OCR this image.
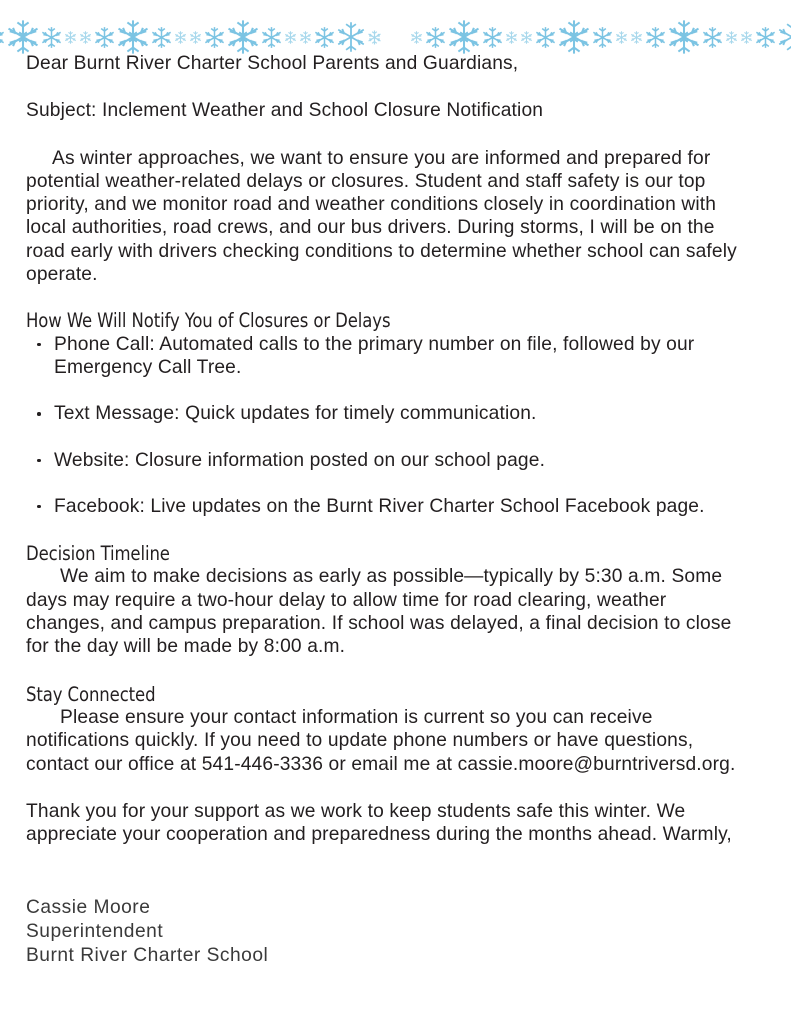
Dear Burnt River Charter School Parents and Guardians,

Subject: Inclement Weather and School Closure Notification

As winter approaches, we want to ensure you are informed and prepared for potential weather-related delays or closures. Student and staff safety is our top priority, and we monitor road and weather conditions closely in coordination with local authorities, road crews, and our bus drivers. During storms, I will be on the road early with drivers checking conditions to determine whether school can safely operate.

How We Will Notify You of Closures or Delays
Phone Call: Automated calls to the primary number on file, followed by our Emergency Call Tree.
Text Message: Quick updates for timely communication.
Website: Closure information posted on our school page.
Facebook: Live updates on the Burnt River Charter School Facebook page.
Decision Timeline

We aim to make decisions as early as possible—typically by 5:30 a.m. Some days may require a two-hour delay to allow time for road clearing, weather changes, and campus preparation. If school was delayed, a final decision to close for the day will be made by 8:00 a.m.

Stay Connected

Please ensure your contact information is current so you can receive notifications quickly. If you need to update phone numbers or have questions, contact our office at 541-446-3336 or email me at cassie.moore@burntriversd.org.

Thank you for your support as we work to keep students safe this winter. We appreciate your cooperation and preparedness during the months ahead. Warmly,

Cassie Moore
Superintendent
Burnt River Charter School
